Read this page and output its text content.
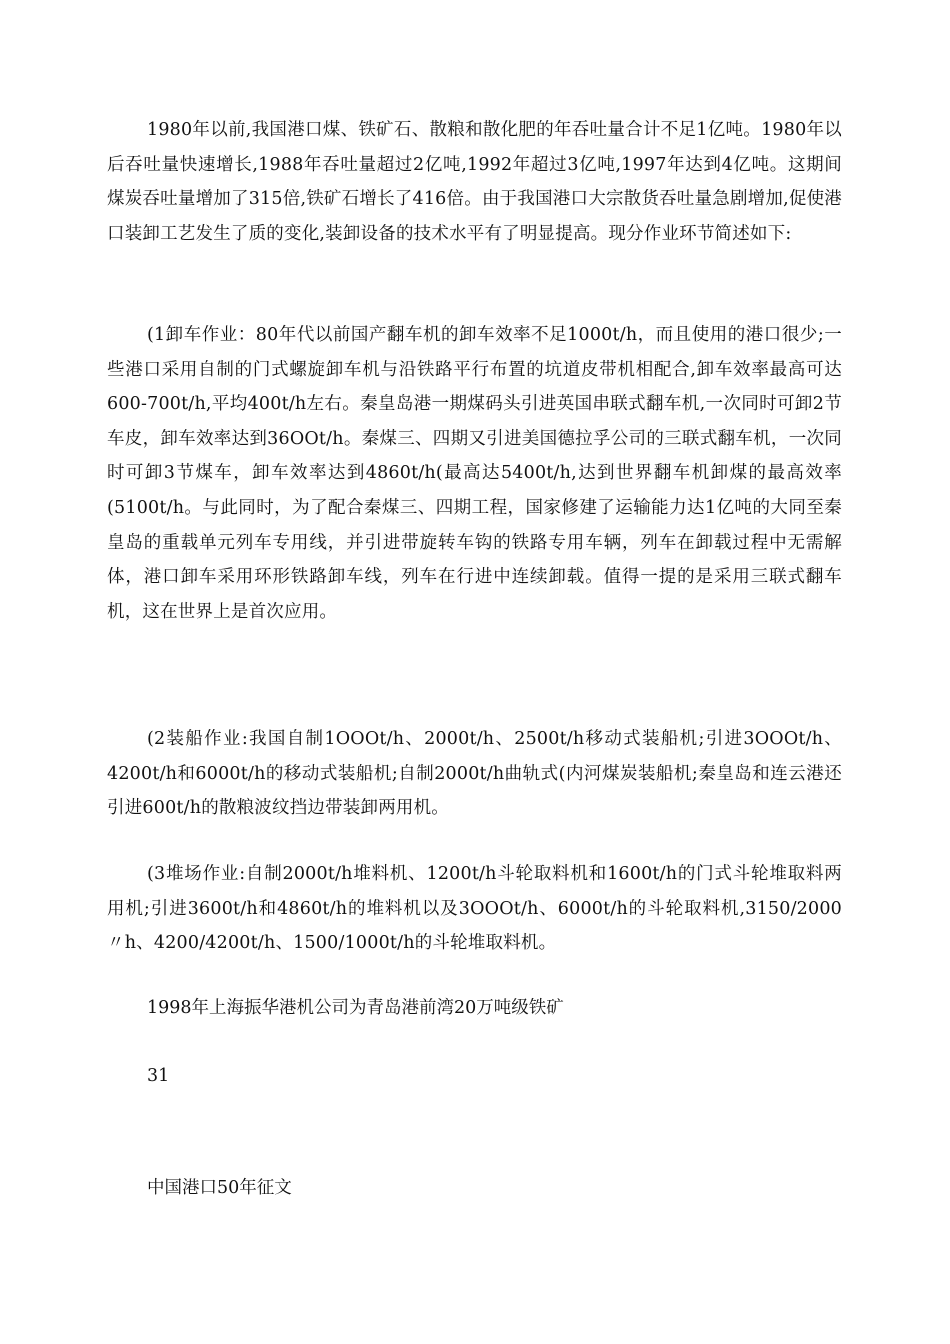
1980年以前,我国港口煤、铁矿石、散粮和散化肥的年吞吐量合计不足1亿吨。1980年以后吞吐量快速增长,1988年吞吐量超过2亿吨,1992年超过3亿吨,1997年达到4亿吨。这期间煤炭吞吐量增加了315倍,铁矿石增长了416倍。由于我国港口大宗散货吞吐量急剧增加,促使港口装卸工艺发生了质的变化,装卸设备的技术水平有了明显提高。现分作业环节简述如下:

(1卸车作业：80年代以前国产翻车机的卸车效率不足1000t/h，而且使用的港口很少;一些港口采用自制的门式螺旋卸车机与沿铁路平行布置的坑道皮带机相配合,卸车效率最高可达600-700t/h,平均400t/h左右。秦皇岛港一期煤码头引进英国串联式翻车机,一次同时可卸2节车皮，卸车效率达到36OOt/h。秦煤三、四期又引进美国德拉孚公司的三联式翻车机，一次同时可卸3节煤车，卸车效率达到4860t/h(最高达5400t/h,达到世界翻车机卸煤的最高效率(5100t/h。与此同时，为了配合秦煤三、四期工程，国家修建了运输能力达1亿吨的大同至秦皇岛的重载单元列车专用线，并引进带旋转车钩的铁路专用车辆，列车在卸载过程中无需解体，港口卸车采用环形铁路卸车线，列车在行进中连续卸载。值得一提的是采用三联式翻车机，这在世界上是首次应用。

(2装船作业:我国自制1OOOt/h、2000t/h、2500t/h移动式装船机;引进3OOOt/h、4200t/h和6000t/h的移动式装船机;自制2000t/h曲轨式(内河煤炭装船机;秦皇岛和连云港还引进600t/h的散粮波纹挡边带装卸两用机。

(3堆场作业:自制2000t/h堆料机、1200t/h斗轮取料机和1600t/h的门式斗轮堆取料两用机;引进3600t/h和4860t/h的堆料机以及3OOOt/h、6000t/h的斗轮取料机,3150/2000〃h、4200/4200t/h、1500/1000t/h的斗轮堆取料机。

1998年上海振华港机公司为青岛港前湾20万吨级铁矿

31

中国港口50年征文
